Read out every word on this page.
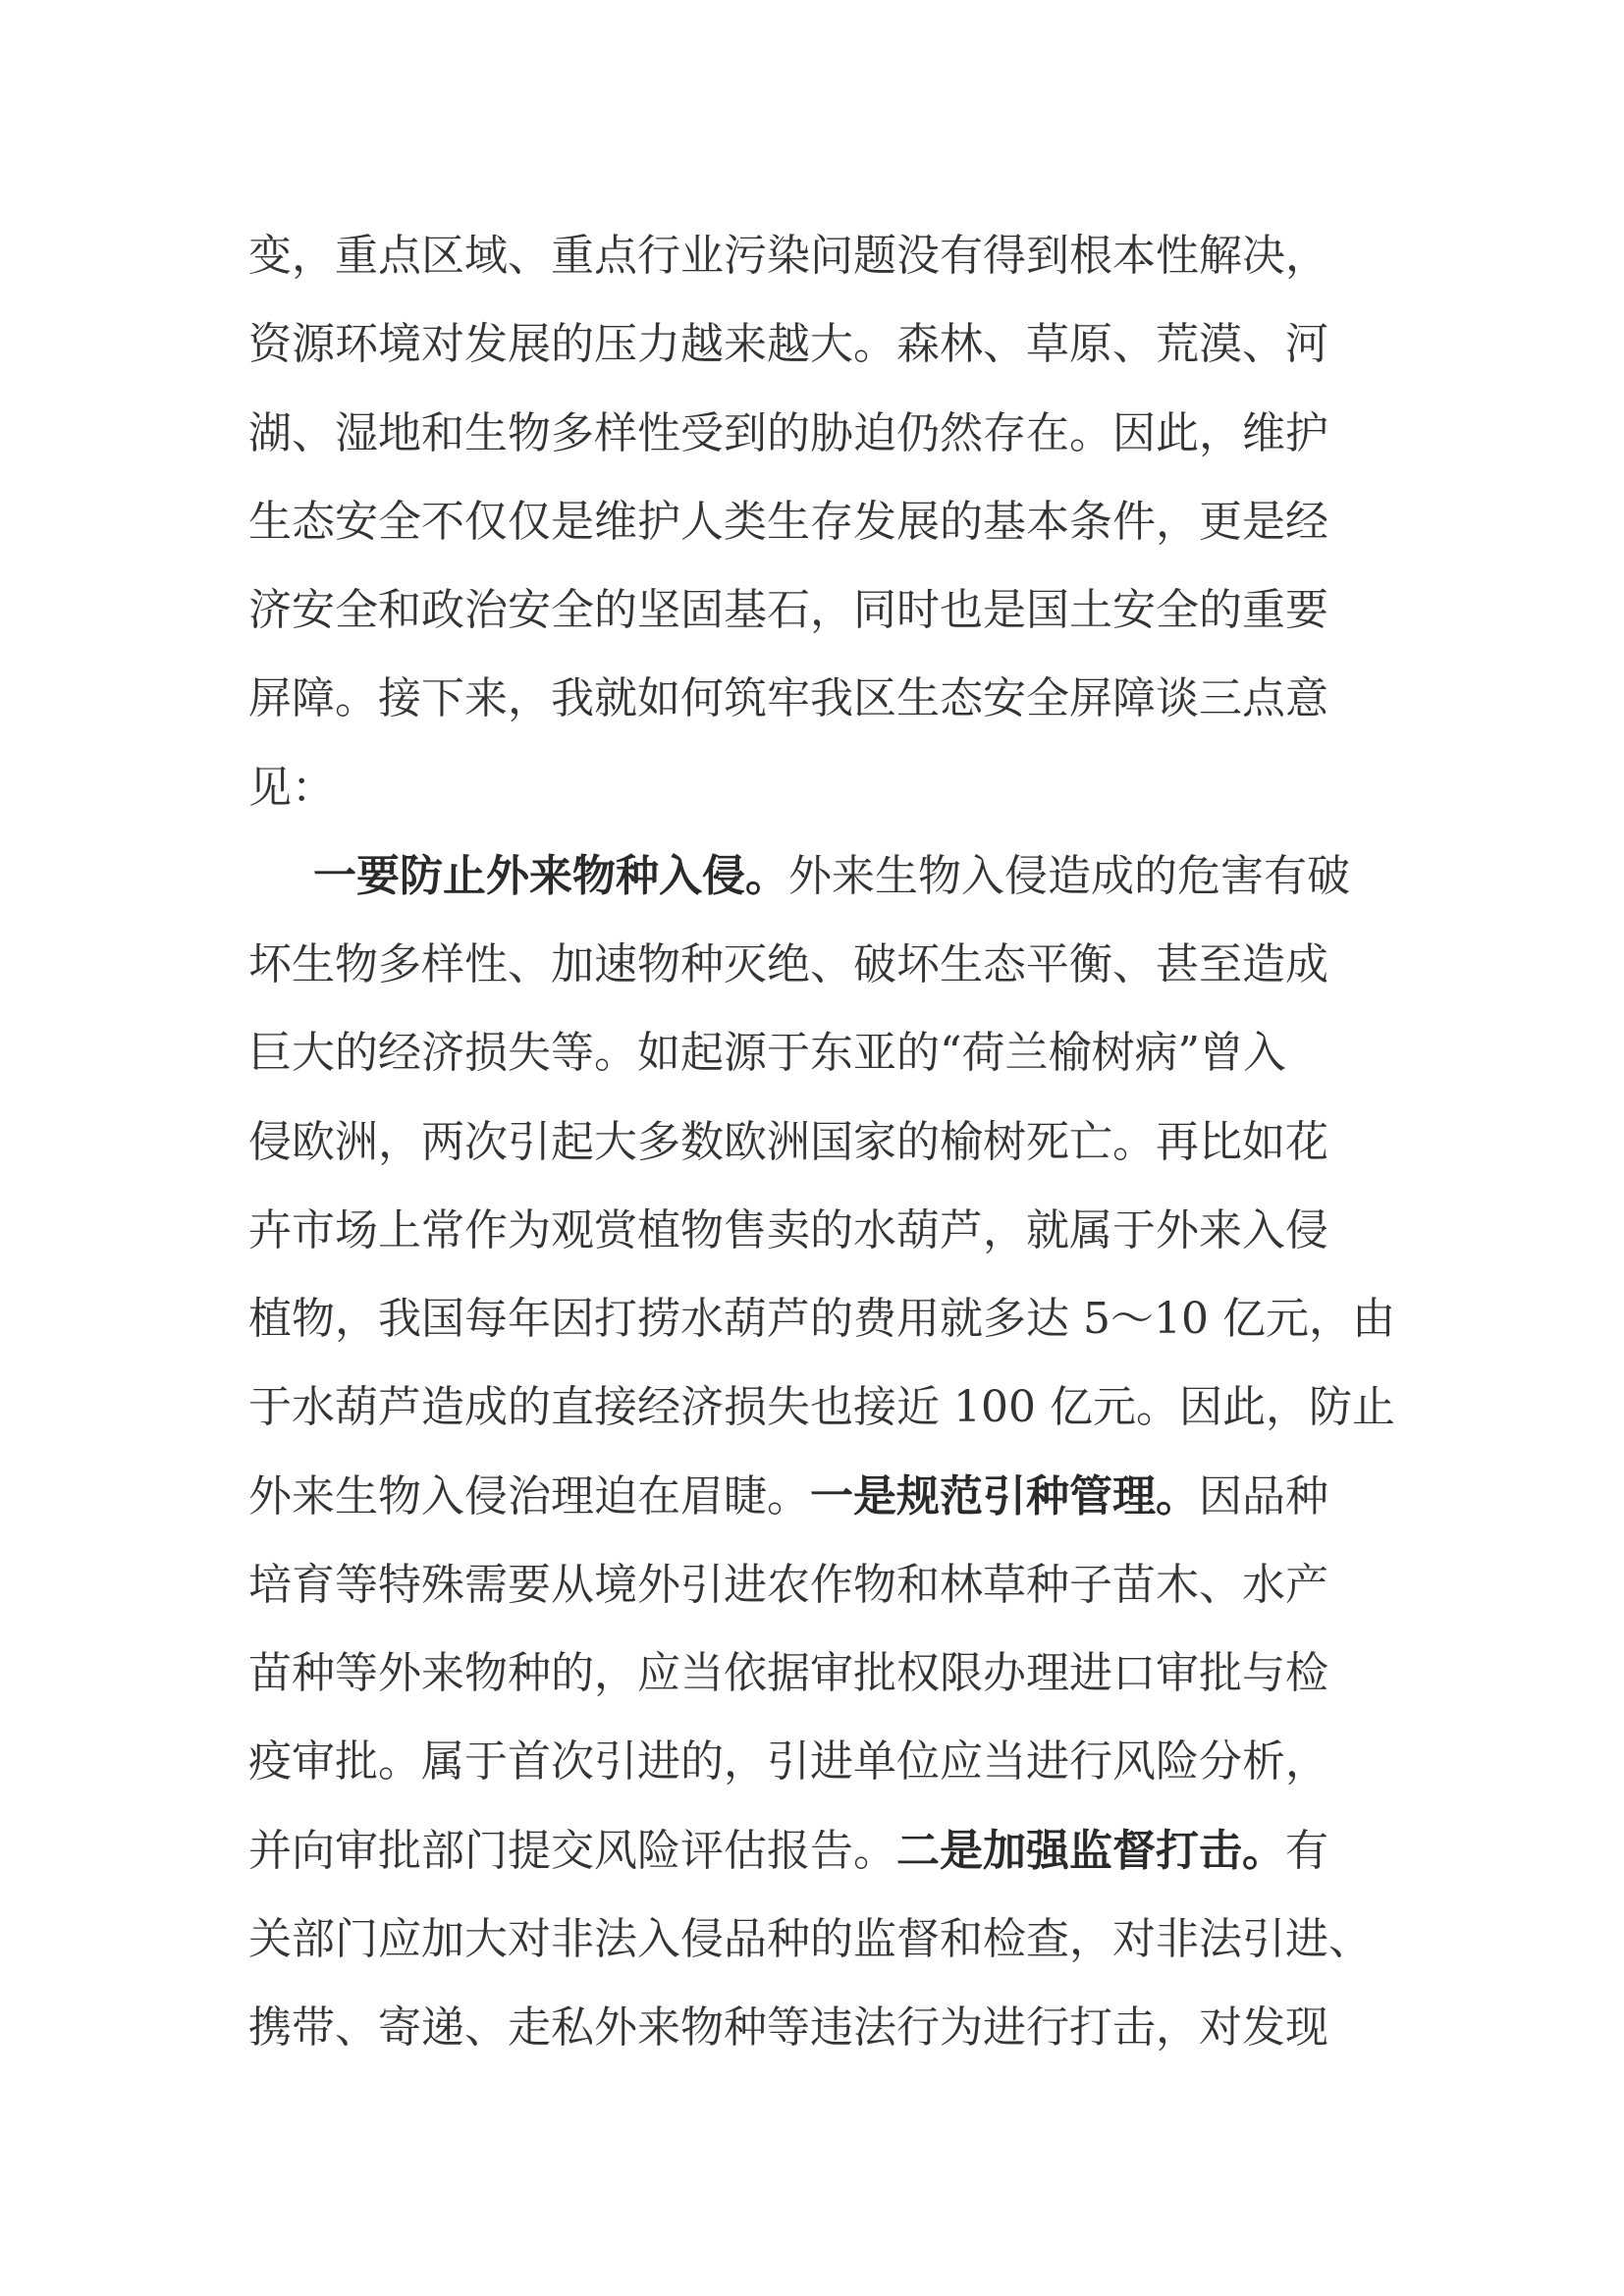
变，重点区域、重点行业污染问题没有得到根本性解决，
资源环境对发展的压力越来越大。森林、草原、荒漠、河
湖、湿地和生物多样性受到的胁迫仍然存在。因此，维护
生态安全不仅仅是维护人类生存发展的基本条件，更是经
济安全和政治安全的坚固基石，同时也是国土安全的重要
屏障。接下来，我就如何筑牢我区生态安全屏障谈三点意
见：
一要防止外来物种入侵。外来生物入侵造成的危害有破
坏生物多样性、加速物种灭绝、破坏生态平衡、甚至造成
巨大的经济损失等。如起源于东亚的“荷兰榆树病”曾入
侵欧洲，两次引起大多数欧洲国家的榆树死亡。再比如花
卉市场上常作为观赏植物售卖的水葫芦，就属于外来入侵
植物，我国每年因打捞水葫芦的费用就多达 5～10 亿元，由
于水葫芦造成的直接经济损失也接近 100 亿元。因此，防止
外来生物入侵治理迫在眉睫。一是规范引种管理。因品种
培育等特殊需要从境外引进农作物和林草种子苗木、水产
苗种等外来物种的，应当依据审批权限办理进口审批与检
疫审批。属于首次引进的，引进单位应当进行风险分析，
并向审批部门提交风险评估报告。二是加强监督打击。有
关部门应加大对非法入侵品种的监督和检查，对非法引进、
携带、寄递、走私外来物种等违法行为进行打击，对发现
